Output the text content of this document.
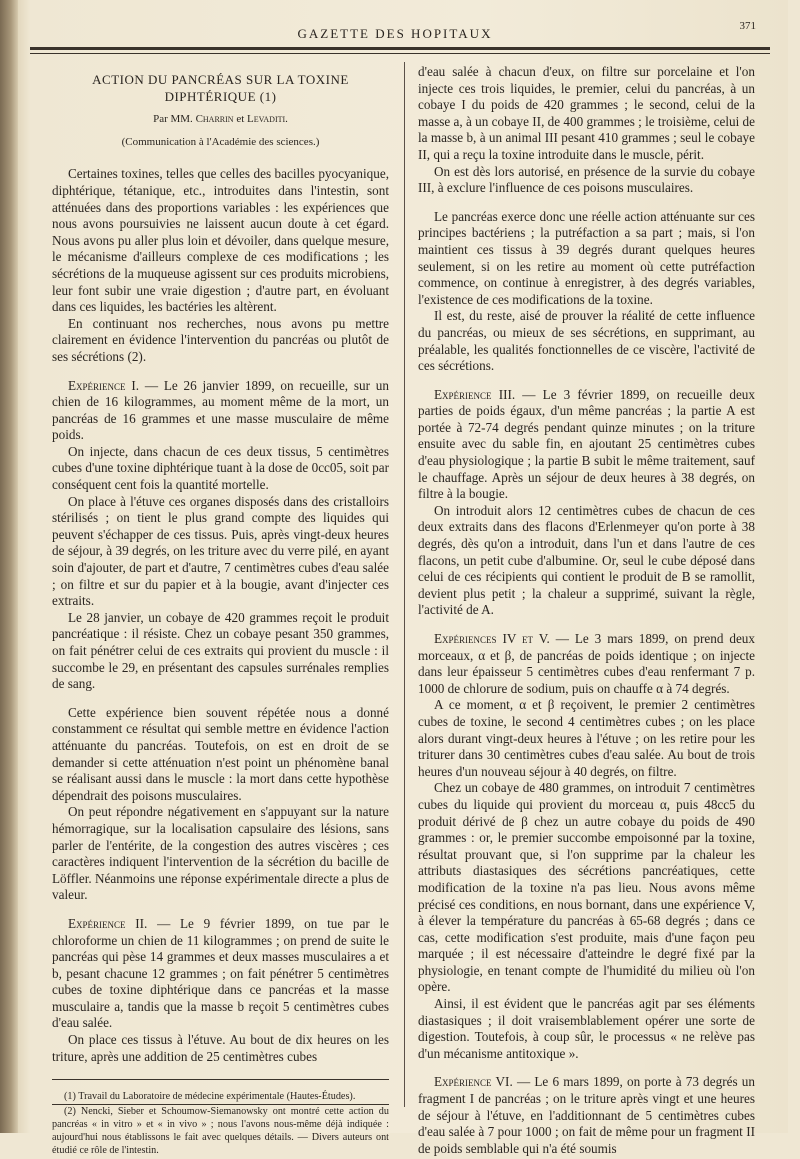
GAZETTE DES HOPITAUX	371
ACTION DU PANCRÉAS SUR LA TOXINE DIPHTÉRIQUE (1)
Par MM. Charrin et Levaditi.
(Communication à l'Académie des sciences.)

Certaines toxines, telles que celles des bacilles pyocyanique, diphtérique, tétanique, etc., introduites dans l'intestin, sont atténuées dans des proportions variables : les expériences que nous avons poursuivies ne laissent aucun doute à cet égard. Nous avons pu aller plus loin et dévoiler, dans quelque mesure, le mécanisme d'ailleurs complexe de ces modifications ; les sécrétions de la muqueuse agissent sur ces produits microbiens, leur font subir une vraie digestion ; d'autre part, en évoluant dans ces liquides, les bactéries les altèrent.

En continuant nos recherches, nous avons pu mettre clairement en évidence l'intervention du pancréas ou plutôt de ses sécrétions (2).

Expérience I. — Le 26 janvier 1899, on recueille, sur un chien de 16 kilogrammes, au moment même de la mort, un pancréas de 16 grammes et une masse musculaire de même poids.

On injecte, dans chacun de ces deux tissus, 5 centimètres cubes d'une toxine diphtérique tuant à la dose de 0cc05, soit par conséquent cent fois la quantité mortelle.

On place à l'étuve ces organes disposés dans des cristalloirs stérilisés ; on tient le plus grand compte des liquides qui peuvent s'échapper de ces tissus. Puis, après vingt-deux heures de séjour, à 39 degrés, on les triture avec du verre pilé, en ayant soin d'ajouter, de part et d'autre, 7 centimètres cubes d'eau salée ; on filtre et sur du papier et à la bougie, avant d'injecter ces extraits.

Le 28 janvier, un cobaye de 420 grammes reçoit le produit pancréatique : il résiste. Chez un cobaye pesant 350 grammes, on fait pénétrer celui de ces extraits qui provient du muscle : il succombe le 29, en présentant des capsules surrénales remplies de sang.

Cette expérience bien souvent répétée nous a donné constamment ce résultat qui semble mettre en évidence l'action atténuante du pancréas. Toutefois, on est en droit de se demander si cette atténuation n'est point un phénomène banal se réalisant aussi dans le muscle : la mort dans cette hypothèse dépendrait des poisons musculaires.

On peut répondre négativement en s'appuyant sur la nature hémorragique, sur la localisation capsulaire des lésions, sans parler de l'entérite, de la congestion des autres viscères ; ces caractères indiquent l'intervention de la sécrétion du bacille de Löffler. Néanmoins une réponse expérimentale directe a plus de valeur.

Expérience II. — Le 9 février 1899, on tue par le chloroforme un chien de 11 kilogrammes ; on prend de suite le pancréas qui pèse 14 grammes et deux masses musculaires a et b, pesant chacune 12 grammes ; on fait pénétrer 5 centimètres cubes de toxine diphtérique dans ce pancréas et la masse musculaire a, tandis que la masse b reçoit 5 centimètres cubes d'eau salée.

On place ces tissus à l'étuve. Au bout de dix heures on les triture, après une addition de 25 centimètres cubes

(1) Travail du Laboratoire de médecine expérimentale (Hautes-Études).

(2) Nencki, Sieber et Schoumow-Siemanowsky ont montré cette action du pancréas « in vitro » et « in vivo » ; nous l'avons nous-même déjà indiquée : aujourd'hui nous établissons le fait avec quelques détails. — Divers auteurs ont étudié ce rôle de l'intestin.

d'eau salée à chacun d'eux, on filtre sur porcelaine et l'on injecte ces trois liquides, le premier, celui du pancréas, à un cobaye I du poids de 420 grammes ; le second, celui de la masse a, à un cobaye II, de 400 grammes ; le troisième, celui de la masse b, à un animal III pesant 410 grammes ; seul le cobaye II, qui a reçu la toxine introduite dans le muscle, périt.

On est dès lors autorisé, en présence de la survie du cobaye III, à exclure l'influence de ces poisons musculaires.

Le pancréas exerce donc une réelle action atténuante sur ces principes bactériens ; la putréfaction a sa part ; mais, si l'on maintient ces tissus à 39 degrés durant quelques heures seulement, si on les retire au moment où cette putréfaction commence, on continue à enregistrer, à des degrés variables, l'existence de ces modifications de la toxine.

Il est, du reste, aisé de prouver la réalité de cette influence du pancréas, ou mieux de ses sécrétions, en supprimant, au préalable, les qualités fonctionnelles de ce viscère, l'activité de ces sécrétions.

Expérience III. — Le 3 février 1899, on recueille deux parties de poids égaux, d'un même pancréas ; la partie A est portée à 72-74 degrés pendant quinze minutes ; on la triture ensuite avec du sable fin, en ajoutant 25 centimètres cubes d'eau physiologique ; la partie B subit le même traitement, sauf le chauffage. Après un séjour de deux heures à 38 degrés, on filtre à la bougie.

On introduit alors 12 centimètres cubes de chacun de ces deux extraits dans des flacons d'Erlenmeyer qu'on porte à 38 degrés, dès qu'on a introduit, dans l'un et dans l'autre de ces flacons, un petit cube d'albumine. Or, seul le cube déposé dans celui de ces récipients qui contient le produit de B se ramollit, devient plus petit ; la chaleur a supprimé, suivant la règle, l'activité de A.

Expériences IV et V. — Le 3 mars 1899, on prend deux morceaux, α et β, de pancréas de poids identique ; on injecte dans leur épaisseur 5 centimètres cubes d'eau renfermant 7 p. 1000 de chlorure de sodium, puis on chauffe α à 74 degrés.

A ce moment, α et β reçoivent, le premier 2 centimètres cubes de toxine, le second 4 centimètres cubes ; on les place alors durant vingt-deux heures à l'étuve ; on les retire pour les triturer dans 30 centimètres cubes d'eau salée. Au bout de trois heures d'un nouveau séjour à 40 degrés, on filtre.

Chez un cobaye de 480 grammes, on introduit 7 centimètres cubes du liquide qui provient du morceau α, puis 48cc5 du produit dérivé de β chez un autre cobaye du poids de 490 grammes : or, le premier succombe empoisonné par la toxine, résultat prouvant que, si l'on supprime par la chaleur les attributs diastasiques des sécrétions pancréatiques, cette modification de la toxine n'a pas lieu. Nous avons même précisé ces conditions, en nous bornant, dans une expérience V, à élever la température du pancréas à 65-68 degrés ; dans ce cas, cette modification s'est produite, mais d'une façon peu marquée ; il est nécessaire d'atteindre le degré fixé par la physiologie, en tenant compte de l'humidité du milieu où l'on opère.

Ainsi, il est évident que le pancréas agit par ses éléments diastasiques ; il doit vraisemblablement opérer une sorte de digestion. Toutefois, à coup sûr, le processus « ne relève pas d'un mécanisme antitoxique ».

Expérience VI. — Le 6 mars 1899, on porte à 73 degrés un fragment I de pancréas ; on le triture après vingt et une heures de séjour à l'étuve, en l'additionnant de 5 centimètres cubes d'eau salée à 7 pour 1000 ; on fait de même pour un fragment II de poids semblable qui n'a été soumis
